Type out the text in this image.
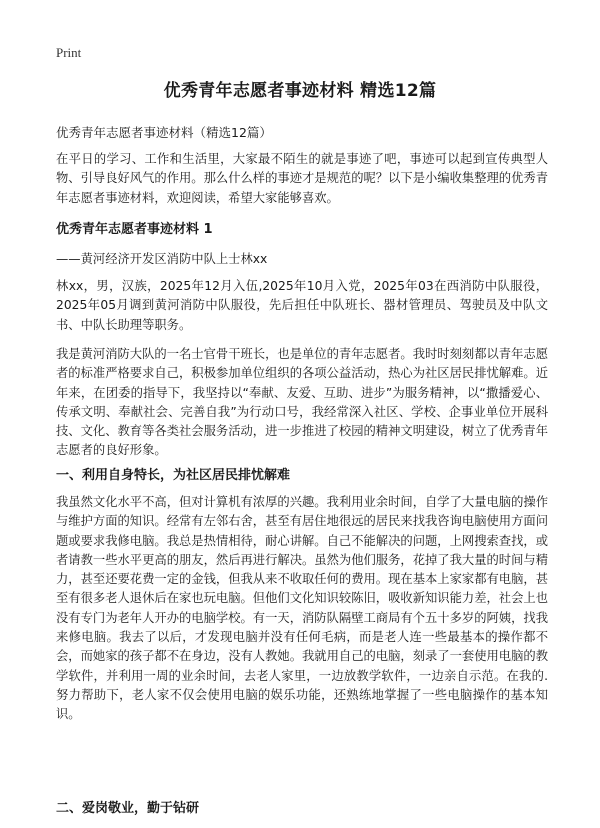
Print
优秀青年志愿者事迹材料 精选12篇
优秀青年志愿者事迹材料（精选12篇）

在平日的学习、工作和生活里，大家最不陌生的就是事迹了吧，事迹可以起到宣传典型人物、引导良好风气的作用。那么什么样的事迹才是规范的呢？以下是小编收集整理的优秀青年志愿者事迹材料，欢迎阅读，希望大家能够喜欢。

优秀青年志愿者事迹材料 1
——黄河经济开发区消防中队上士林xx

林xx，男，汉族，2025年12月入伍,2025年10月入党，2025年03在西消防中队服役，2025年05月调到黄河消防中队服役，先后担任中队班长、器材管理员、驾驶员及中队文书、中队长助理等职务。

我是黄河消防大队的一名士官骨干班长，也是单位的青年志愿者。我时时刻刻都以青年志愿者的标准严格要求自己，积极参加单位组织的各项公益活动，热心为社区居民排忧解难。近年来，在团委的指导下，我坚持以“奉献、友爱、互助、进步”为服务精神，以“撒播爱心、传承文明、奉献社会、完善自我”为行动口号，我经常深入社区、学校、企事业单位开展科技、文化、教育等各类社会服务活动，进一步推进了校园的精神文明建设，树立了优秀青年志愿者的良好形象。

一、利用自身特长，为社区居民排忧解难

我虽然文化水平不高，但对计算机有浓厚的兴趣。我利用业余时间，自学了大量电脑的操作与维护方面的知识。经常有左邻右舍，甚至有居住地很远的居民来找我咨询电脑使用方面问题或要求我修电脑。我总是热情相待，耐心讲解。自己不能解决的问题，上网搜索查找，或者请教一些水平更高的朋友，然后再进行解决。虽然为他们服务，花掉了我大量的时间与精力，甚至还要花费一定的金钱，但我从来不收取任何的费用。现在基本上家家都有电脑，甚至有很多老人退休后在家也玩电脑。但他们文化知识较陈旧，吸收新知识能力差，社会上也没有专门为老年人开办的电脑学校。有一天，消防队隔壁工商局有个五十多岁的阿姨，找我来修电脑。我去了以后，才发现电脑并没有任何毛病，而是老人连一些最基本的操作都不会，而她家的孩子都不在身边，没有人教她。我就用自己的电脑，刻录了一套使用电脑的教学软件，并利用一周的业余时间，去老人家里，一边放教学软件，一边亲自示范。在我的.努力帮助下，老人家不仅会使用电脑的娱乐功能，还熟练地掌握了一些电脑操作的基本知识。

二、爱岗敬业，勤于钻研
